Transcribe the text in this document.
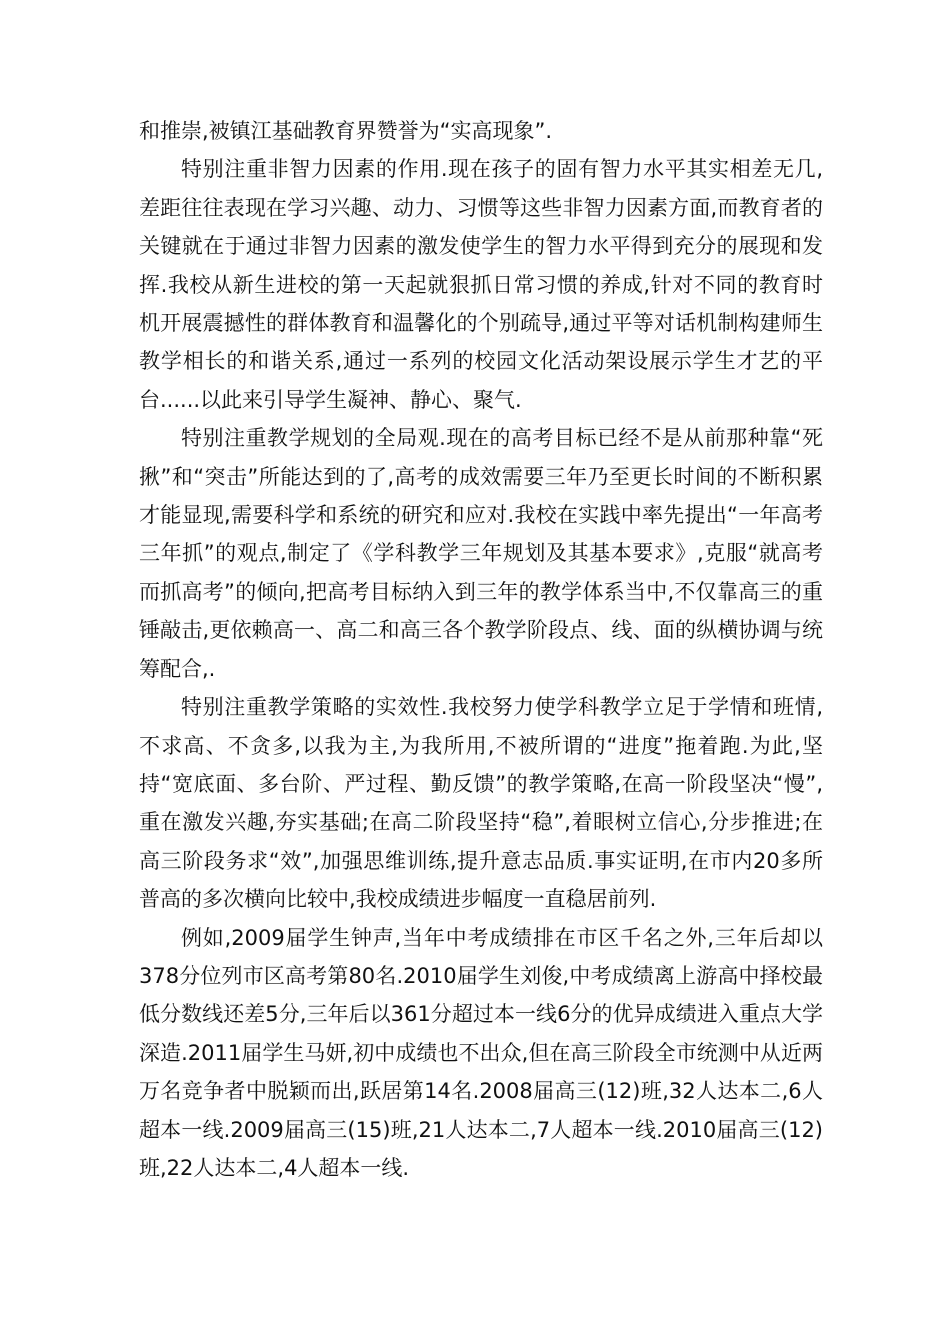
和推崇,被镇江基础教育界赞誉为“实高现象”.

特别注重非智力因素的作用.现在孩子的固有智力水平其实相差无几,差距往往表现在学习兴趣、动力、习惯等这些非智力因素方面,而教育者的关键就在于通过非智力因素的激发使学生的智力水平得到充分的展现和发挥.我校从新生进校的第一天起就狠抓日常习惯的养成,针对不同的教育时机开展震撼性的群体教育和温馨化的个别疏导,通过平等对话机制构建师生教学相长的和谐关系,通过一系列的校园文化活动架设展示学生才艺的平台......以此来引导学生凝神、静心、聚气.

特别注重教学规划的全局观.现在的高考目标已经不是从前那种靠“死揪”和“突击”所能达到的了,高考的成效需要三年乃至更长时间的不断积累才能显现,需要科学和系统的研究和应对.我校在实践中率先提出“一年高考三年抓”的观点,制定了《学科教学三年规划及其基本要求》,克服“就高考而抓高考”的倾向,把高考目标纳入到三年的教学体系当中,不仅靠高三的重锤敲击,更依赖高一、高二和高三各个教学阶段点、线、面的纵横协调与统筹配合,.

特别注重教学策略的实效性.我校努力使学科教学立足于学情和班情,不求高、不贪多,以我为主,为我所用,不被所谓的“进度”拖着跑.为此,坚持“宽底面、多台阶、严过程、勤反馈”的教学策略,在高一阶段坚决“慢”,重在激发兴趣,夯实基础;在高二阶段坚持“稳”,着眼树立信心,分步推进;在高三阶段务求“效”,加强思维训练,提升意志品质.事实证明,在市内20多所普高的多次横向比较中,我校成绩进步幅度一直稳居前列.

例如,2009届学生钟声,当年中考成绩排在市区千名之外,三年后却以378分位列市区高考第80名.2010届学生刘俊,中考成绩离上游高中择校最低分数线还差5分,三年后以361分超过本一线6分的优异成绩进入重点大学深造.2011届学生马妍,初中成绩也不出众,但在高三阶段全市统测中从近两万名竞争者中脱颖而出,跃居第14名.2008届高三(12)班,32人达本二,6人超本一线.2009届高三(15)班,21人达本二,7人超本一线.2010届高三(12)班,22人达本二,4人超本一线.
